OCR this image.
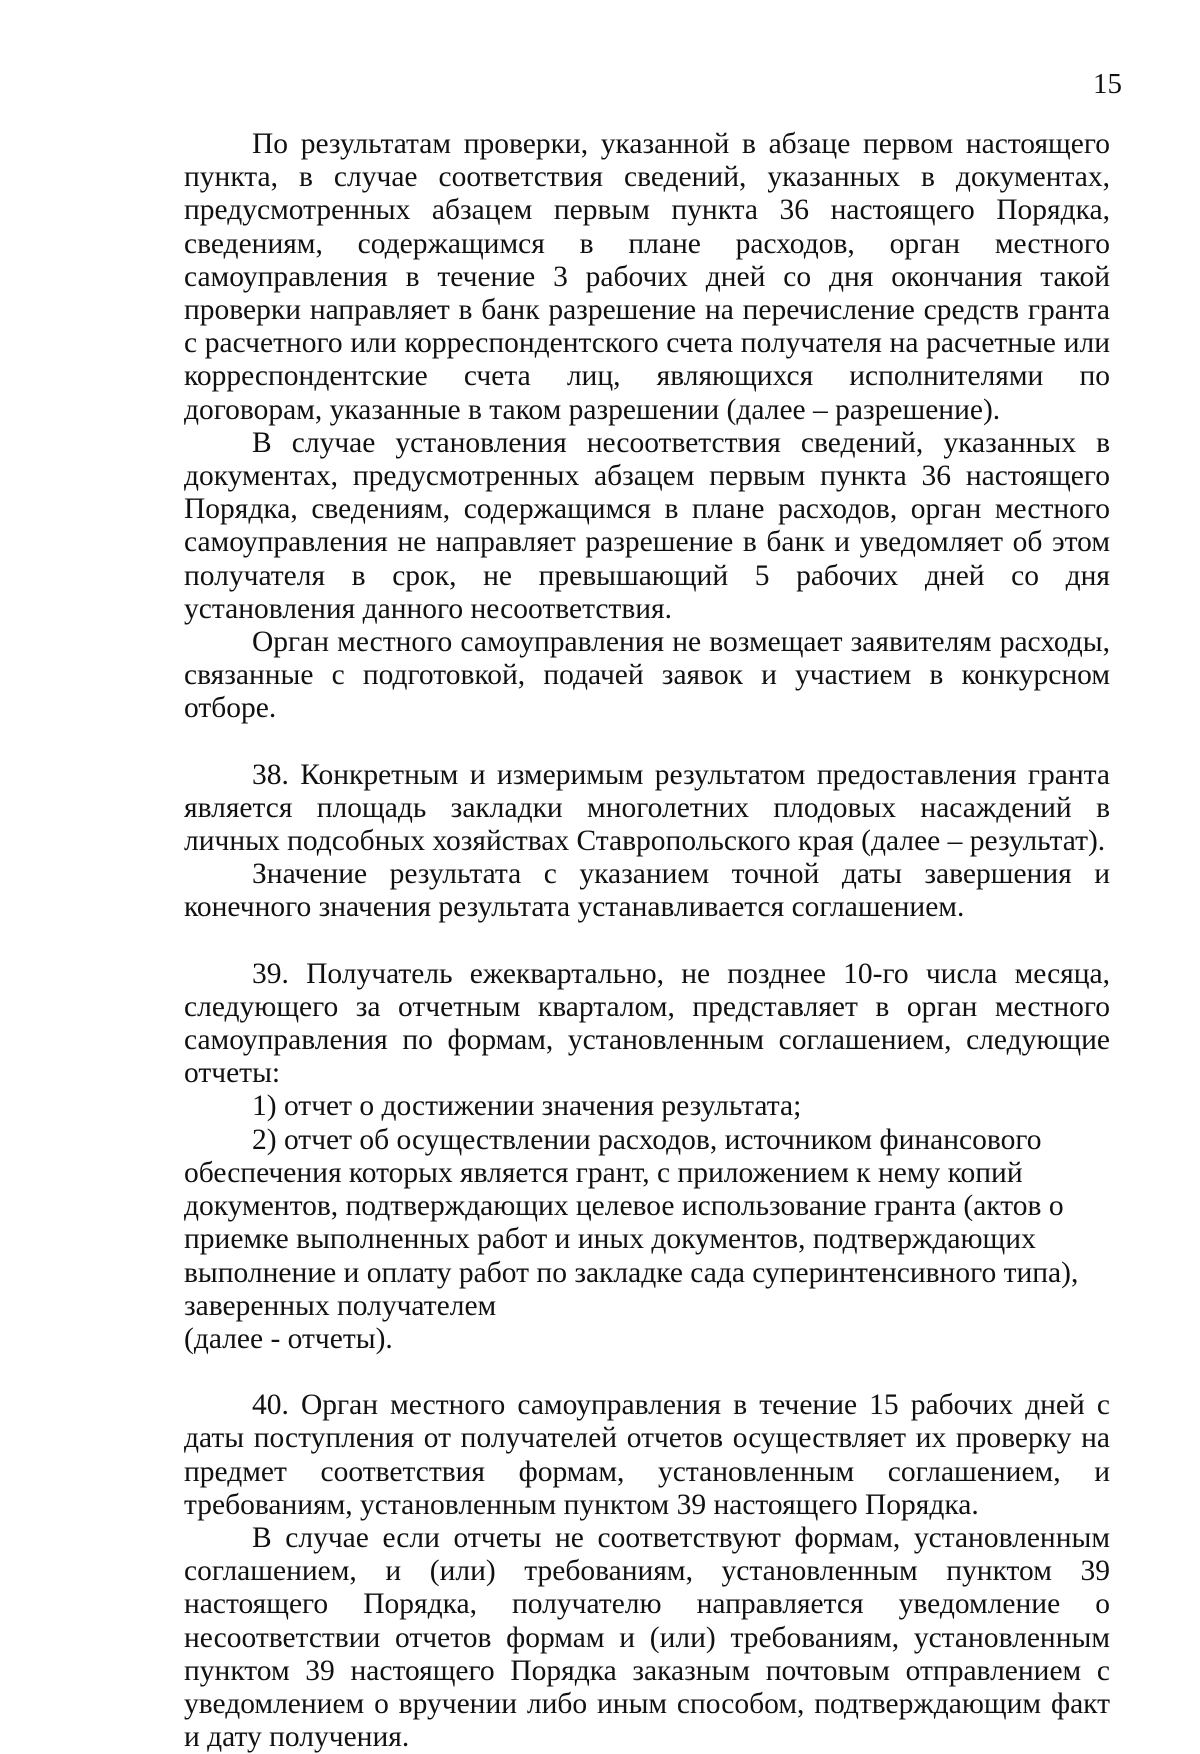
15

По результатам проверки, указанной в абзаце первом настоящего пункта, в случае соответствия сведений, указанных в документах, предусмотренных абзацем первым пункта 36 настоящего Порядка, сведениям, содержащимся в плане расходов, орган местного самоуправления в течение 3 рабочих дней со дня окончания такой проверки направляет в банк разрешение на перечисление средств гранта с расчетного или корреспондентского счета получателя на расчетные или корреспондентские счета лиц, являющихся исполнителями по договорам, указанные в таком разрешении (далее – разрешение).

В случае установления несоответствия сведений, указанных в документах, предусмотренных абзацем первым пункта 36 настоящего Порядка, сведениям, содержащимся в плане расходов, орган местного самоуправления не направляет разрешение в банк и уведомляет об этом получателя в срок, не превышающий 5 рабочих дней со дня установления данного несоответствия.

Орган местного самоуправления не возмещает заявителям расходы, связанные с подготовкой, подачей заявок и участием в конкурсном отборе.

38. Конкретным и измеримым результатом предоставления гранта является площадь закладки многолетних плодовых насаждений в личных подсобных хозяйствах Ставропольского края (далее – результат).

Значение результата с указанием точной даты завершения и конечного значения результата устанавливается соглашением.

39. Получатель ежеквартально, не позднее 10-го числа месяца, следующего за отчетным кварталом, представляет в орган местного самоуправления по формам, установленным соглашением, следующие отчеты:

1) отчет о достижении значения результата;

2) отчет об осуществлении расходов, источником финансового обеспечения которых является грант, с приложением к нему копий документов, подтверждающих целевое использование гранта (актов о приемке выполненных работ и иных документов, подтверждающих выполнение и оплату работ по закладке сада суперинтенсивного типа), заверенных получателем

(далее - отчеты).

40. Орган местного самоуправления в течение 15 рабочих дней с даты поступления от получателей отчетов осуществляет их проверку на предмет соответствия формам, установленным соглашением, и требованиям, установленным пунктом 39 настоящего Порядка.

В случае если отчеты не соответствуют формам, установленным соглашением, и (или) требованиям, установленным пунктом 39 настоящего Порядка, получателю направляется уведомление о несоответствии отчетов формам и (или) требованиям, установленным пунктом 39 настоящего Порядка заказным почтовым отправлением с уведомлением о вручении либо иным способом, подтверждающим факт и дату получения.
